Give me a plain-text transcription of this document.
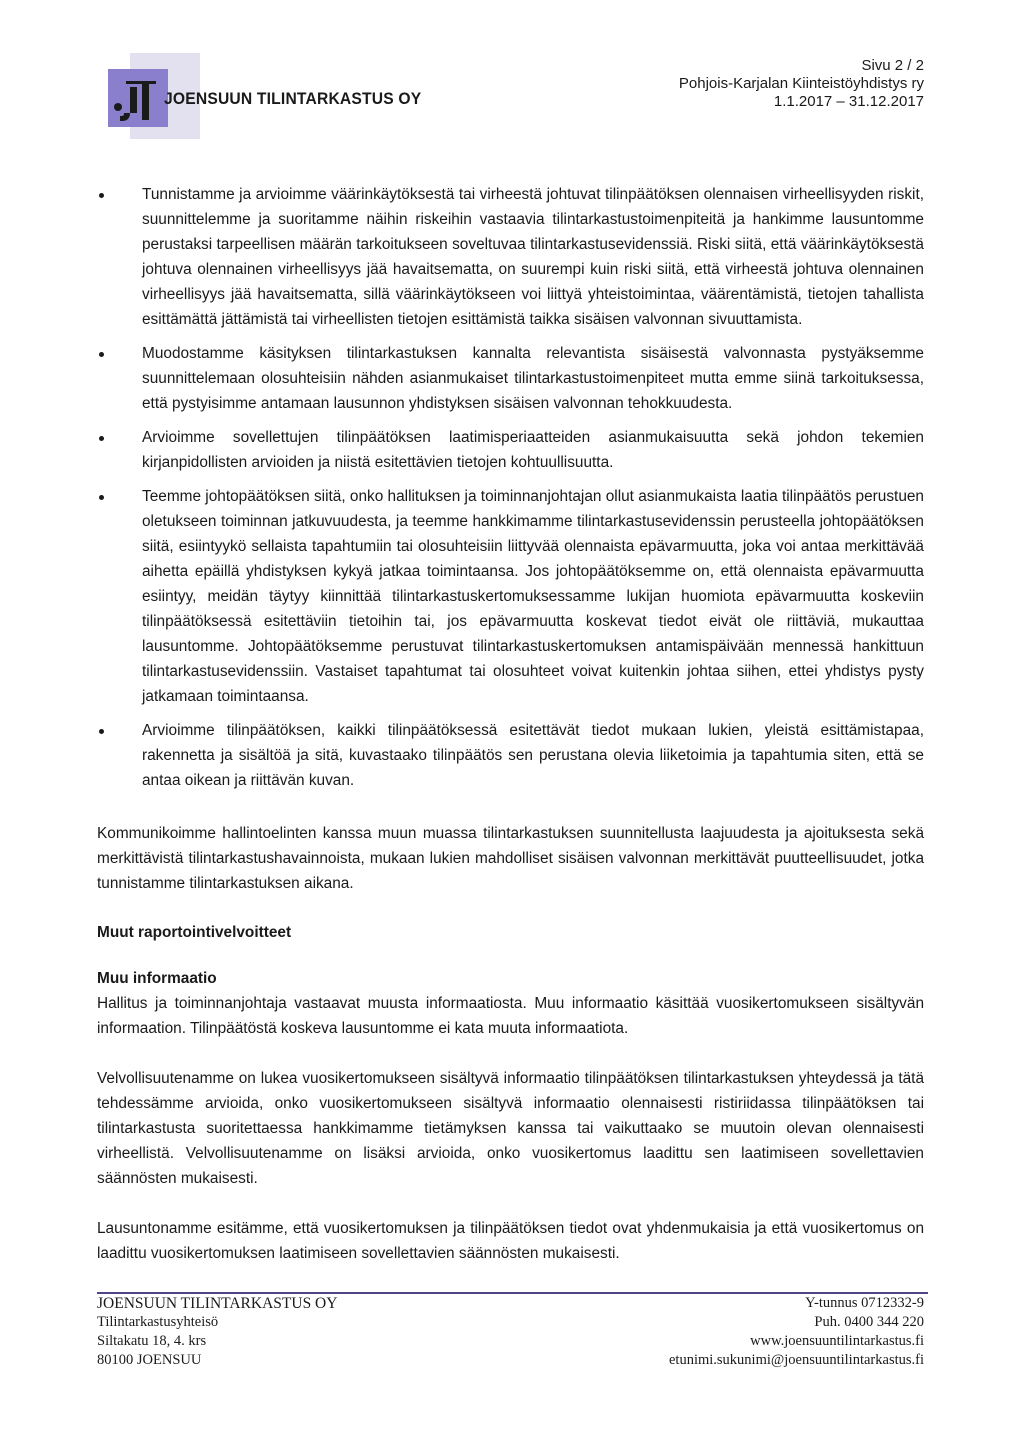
JOENSUUN TILINTARKASTUS OY
Sivu 2 / 2
Pohjois-Karjalan Kiinteistöyhdistys ry
1.1.2017 – 31.12.2017
Tunnistamme ja arvioimme väärinkäytöksestä tai virheestä johtuvat tilinpäätöksen olennaisen virheellisyyden riskit, suunnittelemme ja suoritamme näihin riskeihin vastaavia tilintarkastustoimenpiteitä ja hankimme lausuntomme perustaksi tarpeellisen määrän tarkoitukseen soveltuvaa tilintarkastusevidenssiä. Riski siitä, että väärinkäytöksestä johtuva olennainen virheellisyys jää havaitsematta, on suurempi kuin riski siitä, että virheestä johtuva olennainen virheellisyys jää havaitsematta, sillä väärinkäytökseen voi liittyä yhteistoimintaa, väärentämistä, tietojen tahallista esittämättä jättämistä tai virheellisten tietojen esittämistä taikka sisäisen valvonnan sivuuttamista.
Muodostamme käsityksen tilintarkastuksen kannalta relevantista sisäisestä valvonnasta pystyäksemme suunnittelemaan olosuhteisiin nähden asianmukaiset tilintarkastustoimenpiteet mutta emme siinä tarkoituksessa, että pystyisimme antamaan lausunnon yhdistyksen sisäisen valvonnan tehokkuudesta.
Arvioimme sovellettujen tilinpäätöksen laatimisperiaatteiden asianmukaisuutta sekä johdon tekemien kirjanpidollisten arvioiden ja niistä esitettävien tietojen kohtuullisuutta.
Teemme johtopäätöksen siitä, onko hallituksen ja toiminnanjohtajan ollut asianmukaista laatia tilinpäätös perustuen oletukseen toiminnan jatkuvuudesta, ja teemme hankkimamme tilintarkastusevidenssin perusteella johtopäätöksen siitä, esiintyykö sellaista tapahtumiin tai olosuhteisiin liittyvää olennaista epävarmuutta, joka voi antaa merkittävää aihetta epäillä yhdistyksen kykyä jatkaa toimintaansa. Jos johtopäätöksemme on, että olennaista epävarmuutta esiintyy, meidän täytyy kiinnittää tilintarkastuskertomuksessamme lukijan huomiota epävarmuutta koskeviin tilinpäätöksessä esitettäviin tietoihin tai, jos epävarmuutta koskevat tiedot eivät ole riittäviä, mukauttaa lausuntomme. Johtopäätöksemme perustuvat tilintarkastuskertomuksen antamispäivään mennessä hankittuun tilintarkastusevidenssiin. Vastaiset tapahtumat tai olosuhteet voivat kuitenkin johtaa siihen, ettei yhdistys pysty jatkamaan toimintaansa.
Arvioimme tilinpäätöksen, kaikki tilinpäätöksessä esitettävät tiedot mukaan lukien, yleistä esittämistapaa, rakennetta ja sisältöä ja sitä, kuvastaako tilinpäätös sen perustana olevia liiketoimia ja tapahtumia siten, että se antaa oikean ja riittävän kuvan.

Kommunikoimme hallintoelinten kanssa muun muassa tilintarkastuksen suunnitellusta laajuudesta ja ajoituksesta sekä merkittävistä tilintarkastushavainnoista, mukaan lukien mahdolliset sisäisen valvonnan merkittävät puutteellisuudet, jotka tunnistamme tilintarkastuksen aikana.

Muut raportointivelvoitteet

Muu informaatio

Hallitus ja toiminnanjohtaja vastaavat muusta informaatiosta. Muu informaatio käsittää vuosikertomukseen sisältyvän informaation. Tilinpäätöstä koskeva lausuntomme ei kata muuta informaatiota.

Velvollisuutenamme on lukea vuosikertomukseen sisältyvä informaatio tilinpäätöksen tilintarkastuksen yhteydessä ja tätä tehdessämme arvioida, onko vuosikertomukseen sisältyvä informaatio olennaisesti ristiriidassa tilinpäätöksen tai tilintarkastusta suoritettaessa hankkimamme tietämyksen kanssa tai vaikuttaako se muutoin olevan olennaisesti virheellistä. Velvollisuutenamme on lisäksi arvioida, onko vuosikertomus laadittu sen laatimiseen sovellettavien säännösten mukaisesti.

Lausuntonamme esitämme, että vuosikertomuksen ja tilinpäätöksen tiedot ovat yhdenmukaisia ja että vuosikertomus on laadittu vuosikertomuksen laatimiseen sovellettavien säännösten mukaisesti.

JOENSUUN TILINTARKASTUS OY
Tilintarkastusyhteisö
Siltakatu 18, 4. krs
80100 JOENSUU
Y-tunnus 0712332-9
Puh. 0400 344 220
www.joensuuntilintarkastus.fi
etunimi.sukunimi@joensuuntilintarkastus.fi
